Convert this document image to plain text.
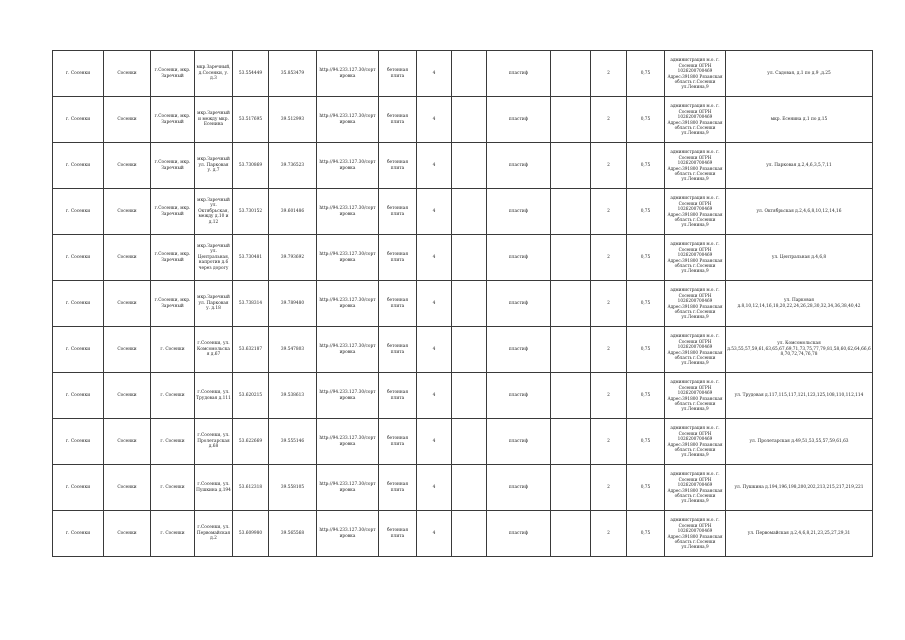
г. Сосенки	Сосенки	г.Сосенки, мкр. Заречный	мкр.Заречный, д.Сосенки, у. д.3	53.554449	35.853479	http://94.233.127.30/сорт ировка	бетонная плита	4		пластиф		2	0,75	администрация м.о. г. Сосенки ОГРН 1026200700469 Адрес:391800 Рязанская область г.Сосенки ул.Ленина,9	ул. Садовая, д.1 по д.9 ,д.25
г. Сосенки	Сосенки	г.Сосенки, мкр. Заречный	мкр.Заречный и между мкр. Есенина	53.517695	39.512993	http://94.233.127.30/сорт ировка	бетонная плита	4		пластиф		2	0,75	администрация м.о. г. Сосенки ОГРН 1026200700469 Адрес:391800 Рязанская область г.Сосенки ул.Ленина,9	мкр. Есенина д.1 по д.15
г. Сосенки	Сосенки	г.Сосенки, мкр. Заречный	мкр.Заречный ул. Парковая у. д.7	53.730869	39.736523	http://94.233.127.30/сорт ировка	бетонная плита	4		пластиф		2	0,75	администрация м.о. г. Сосенки ОГРН 1026200700469 Адрес:391800 Рязанская область г.Сосенки ул.Ленина,9	ул. Парковая д.2,4,6,3,5,7,11
г. Сосенки	Сосенки	г.Сосенки, мкр. Заречный	мкр.Заречный ул. Октябрьская, между д.10 и д.12	53.730152	39.601486	http://94.233.127.30/сорт ировка	бетонная плита	4		пластиф		2	0,75	администрация м.о. г. Сосенки ОГРН 1026200700469 Адрес:391800 Рязанская область г.Сосенки ул.Ленина,9	ул. Октябрьская д.2,4,6,8,10,12,14,16
г. Сосенки	Сосенки	г.Сосенки, мкр. Заречный	мкр.Заречный ул. Центральная, напротив д.6 через дорогу	53.730481	39.793692	http://94.233.127.30/сорт ировка	бетонная плита	4		пластиф		2	0,75	администрация м.о. г. Сосенки ОГРН 1026200700469 Адрес:391800 Рязанская область г.Сосенки ул.Ленина,9	ул. Центральная д.4,6,8
г. Сосенки	Сосенки	г.Сосенки, мкр. Заречный	мкр.Заречный ул. Парковая у. д.18	53.738314	39.789480	http://94.233.127.30/сорт ировка	бетонная плита	4		пластиф		2	0,75	администрация м.о. г. Сосенки ОГРН 1026200700469 Адрес:391800 Рязанская область г.Сосенки ул.Ленина,9	ул. Парковая д.8,10,12,14,16,18,20,22,24,26,28,30,32,34,36,38,40,42
г. Сосенки	Сосенки	г. Сосенки	г.Сосенки, ул. Комсомольская д.67	53.632187	39.547803	http://94.233.127.30/сорт ировка	бетонная плита	4		пластиф		2	0,75	администрация м.о. г. Сосенки ОГРН 1026200700469 Адрес:391800 Рязанская область г.Сосенки ул.Ленина,9	ул. Комсомольская д.53,55,57,59,61,63,65,67,69,71,73,75,77,79,81,58,60,62,64,66,68,70,72,74,76,78
г. Сосенки	Сосенки	г. Сосенки	г.Сосенки, ул. Трудовая д.111	53.620215	39.538613	http://94.233.127.30/сорт ировка	бетонная плита	4		пластиф		2	0,75	администрация м.о. г. Сосенки ОГРН 1026200700469 Адрес:391800 Рязанская область г.Сосенки ул.Ленина,9	ул. Трудовая д.117,115,117,121,123,125,108,110,112,114
г. Сосенки	Сосенки	г. Сосенки	г.Сосенки, ул. Пролетарская д.68	53.622669	39.555146	http://94.233.127.30/сорт ировка	бетонная плита	4		пластиф		2	0,75	администрация м.о. г. Сосенки ОГРН 1026200700469 Адрес:391800 Рязанская область г.Сосенки ул.Ленина,9	ул. Пролетарская д.49,51,53,55,57,59,61,63
г. Сосенки	Сосенки	г. Сосенки	г.Сосенки, ул. Пушкина д.194	53.612318	39.558105	http://94.233.127.30/сорт ировка	бетонная плита	4		пластиф		2	0,75	администрация м.о. г. Сосенки ОГРН 1026200700469 Адрес:391800 Рязанская область г.Сосенки ул.Ленина,9	ул. Пушкина д.194,196,198,200,202,213,215,217,219,221
г. Сосенки	Сосенки	г. Сосенки	г.Сосенки, ул. Первомайская д.2	53.609980	39.565568	http://94.233.127.30/сорт ировка	бетонная плита	4		пластиф		2	0,75	администрация м.о. г. Сосенки ОГРН 1026200700469 Адрес:391800 Рязанская область г.Сосенки ул.Ленина,9	ул. Первомайская д.2,4,6,8,21,23,25,27,29,31
